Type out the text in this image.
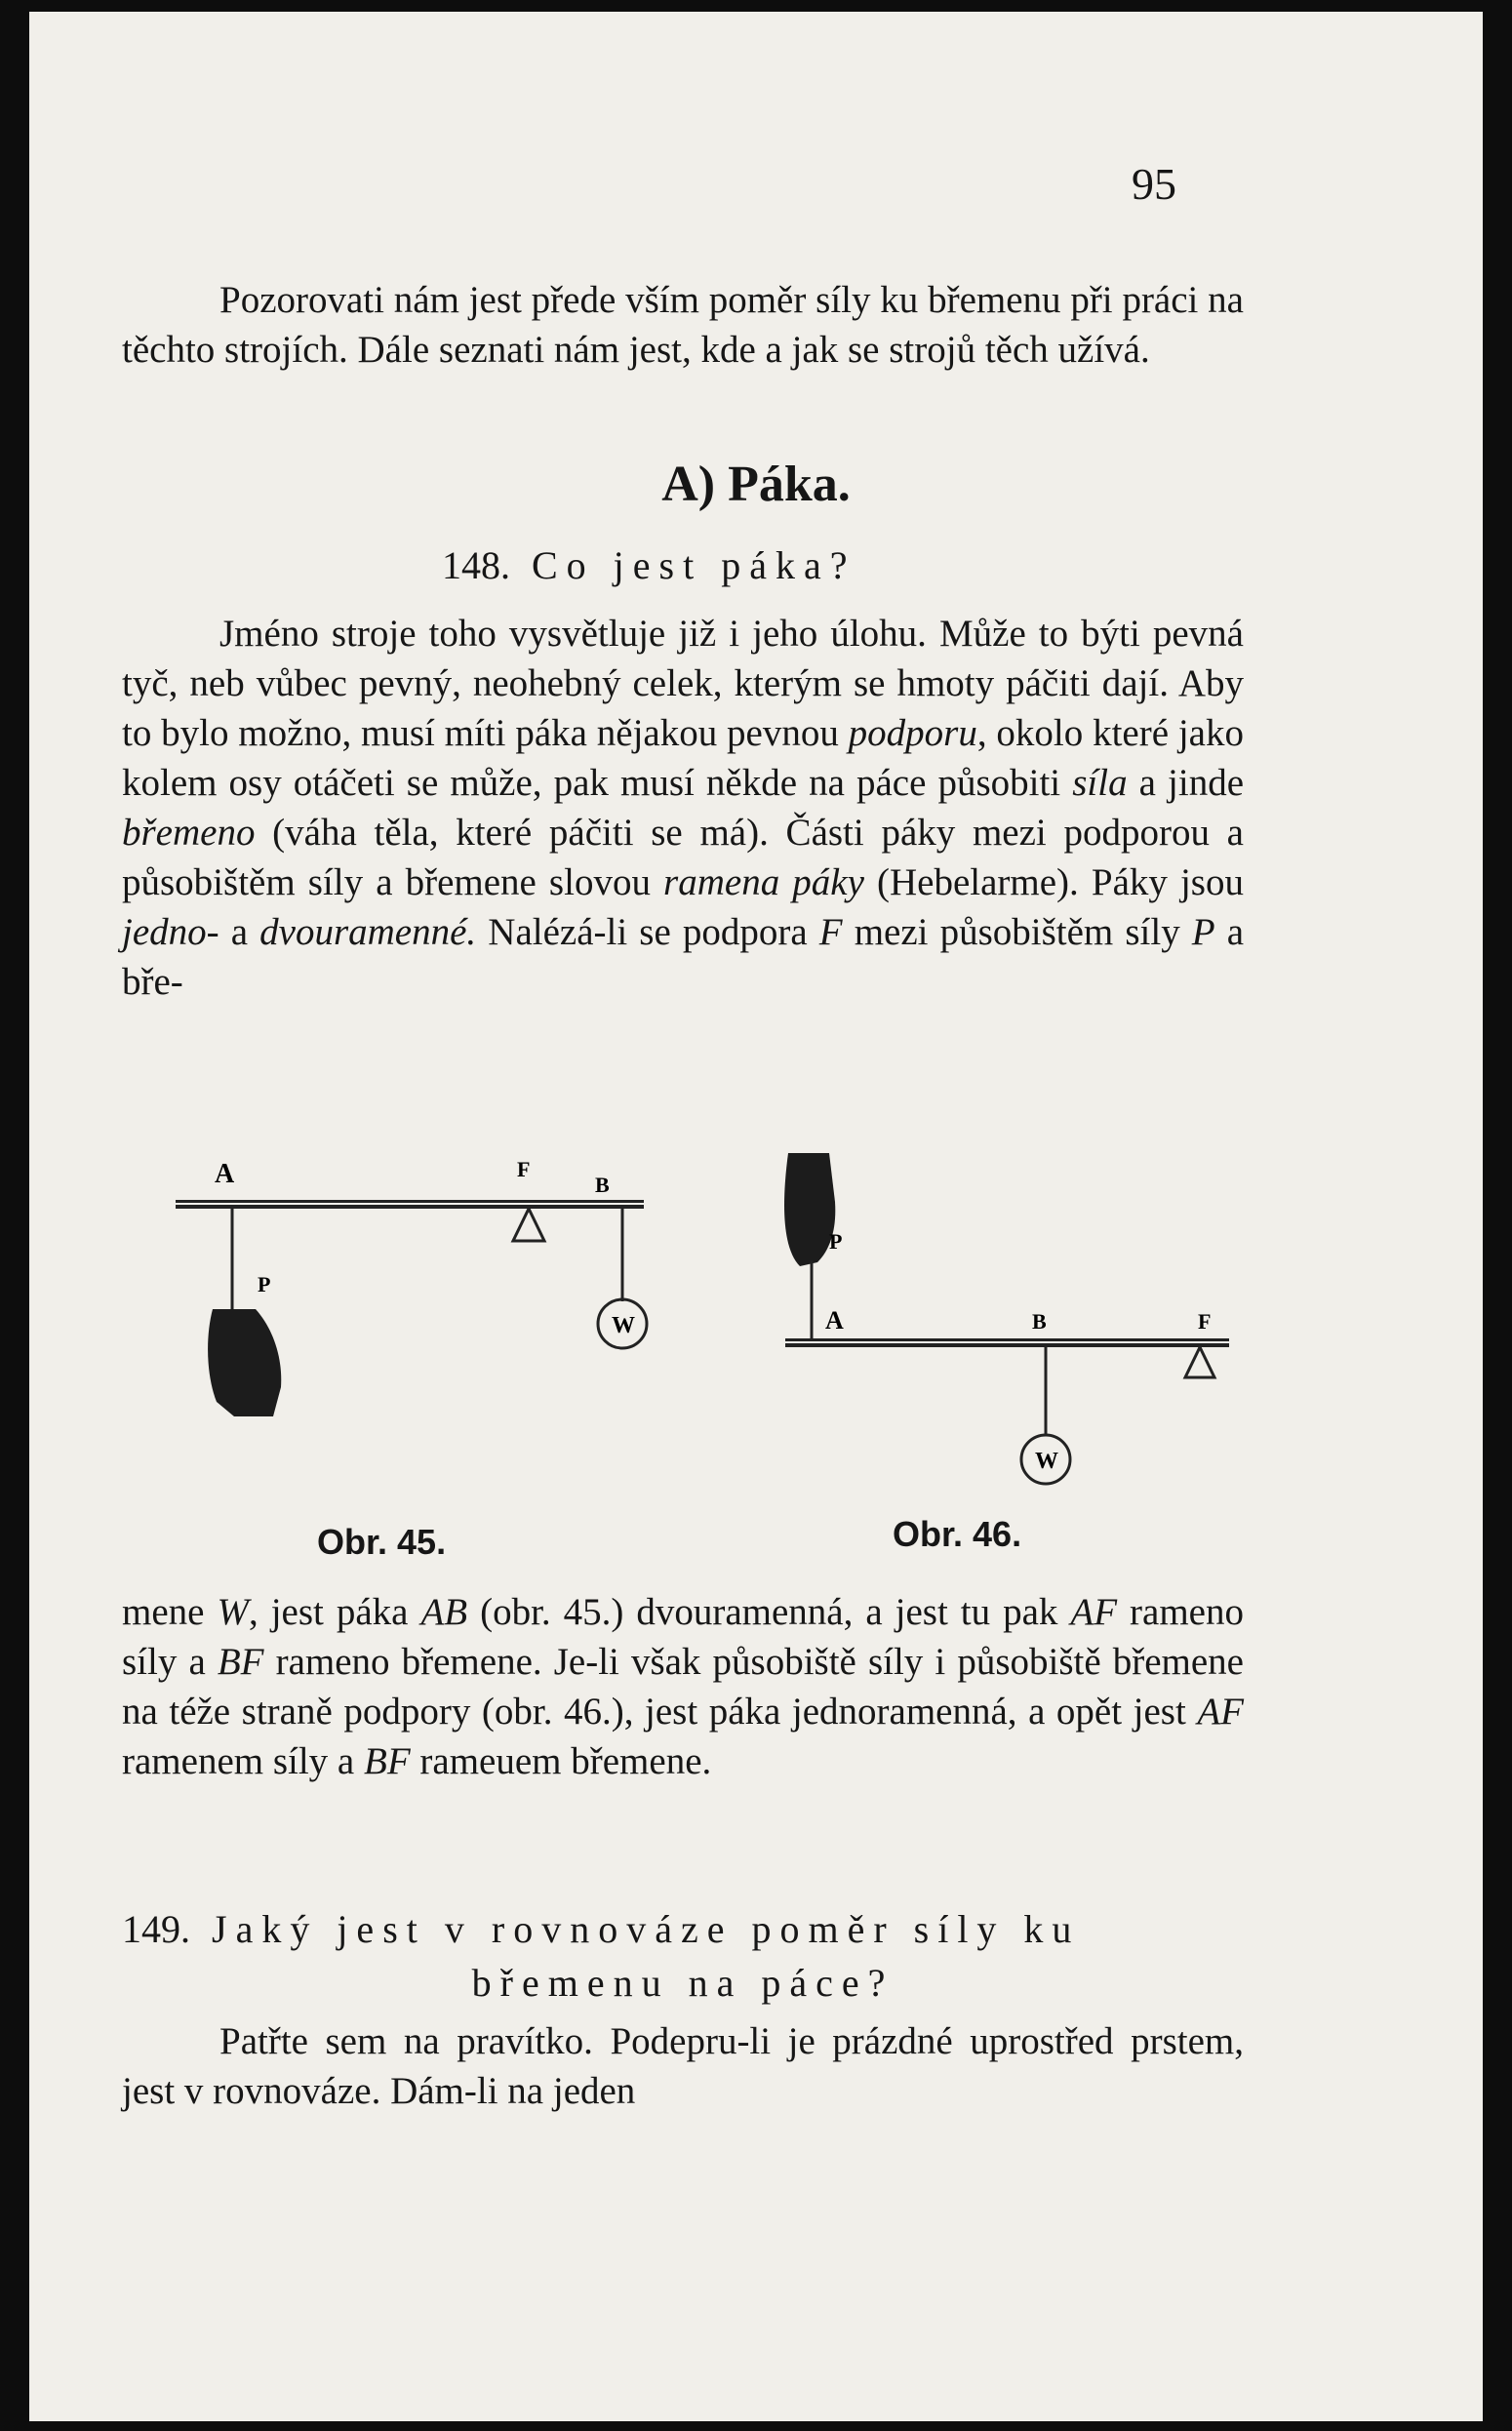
95

Pozorovati nám jest přede vším poměr síly ku břemenu při práci na těchto strojích. Dále seznati nám jest, kde a jak se strojů těch užívá.

A) Páka.

148. Co jest páka?

Jméno stroje toho vysvětluje již i jeho úlohu. Může to býti pevná tyč, neb vůbec pevný, neohebný celek, kterým se hmoty páčiti dají. Aby to bylo možno, musí míti páka nějakou pevnou podporu, okolo které jako kolem osy otáčeti se může, pak musí někde na páce působiti síla a jinde břemeno (váha těla, které páčiti se má). Části páky mezi podporou a působištěm síly a břemene slovou ramena páky (Hebelarme). Páky jsou jedno- a dvouramenné. Nalézá-li se podpora F mezi působištěm síly P a bře-

A	F
B
W
P
P
A	B	F
W

Obr. 45.	Obr. 46.

mene W, jest páka AB (obr. 45.) dvouramenná, a jest tu pak AF rameno síly a BF rameno břemene. Je-li však působiště síly i působiště břemene na téže straně podpory (obr. 46.), jest páka jednoramenná, a opět jest AF ramenem síly a BF rameuem břemene.

149. Jaký jest v rovnováze poměr síly ku

břemenu na páce?

Patřte sem na pravítko. Podepru-li je prázdné uprostřed prstem, jest v rovnováze. Dám-li na jeden
